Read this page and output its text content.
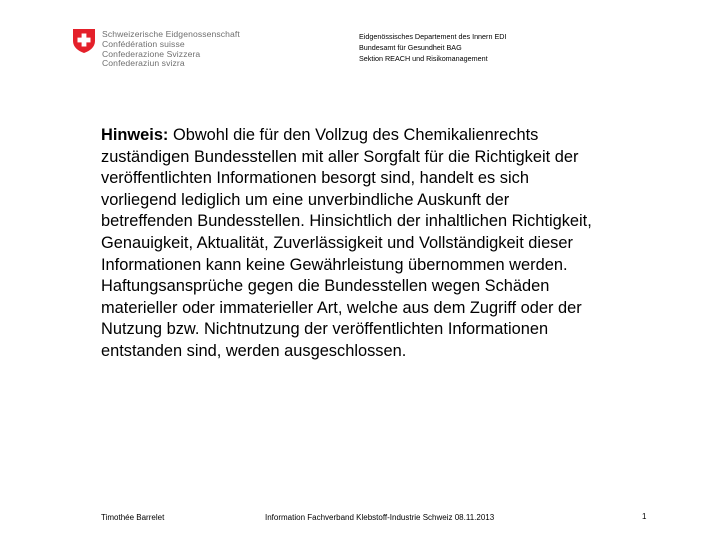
Schweizerische Eidgenossenschaft
Confédération suisse
Confederazione Svizzera
Confederaziun svizra
Eidgenössisches Departement des Innern EDI
Bundesamt für Gesundheit BAG
Sektion REACH und Risikomanagement
Hinweis: Obwohl die für den Vollzug des Chemikalienrechts zuständigen Bundesstellen mit aller Sorgfalt für die Richtigkeit der veröffentlichten Informationen besorgt sind, handelt es sich vorliegend lediglich um eine unverbindliche Auskunft der betreffenden Bundesstellen. Hinsichtlich der inhaltlichen Richtigkeit, Genauigkeit, Aktualität, Zuverlässigkeit und Vollständigkeit dieser Informationen kann keine Gewährleistung übernommen werden. Haftungsansprüche gegen die Bundesstellen wegen Schäden materieller oder immaterieller Art, welche aus dem Zugriff oder der Nutzung bzw. Nichtnutzung der veröffentlichten Informationen entstanden sind, werden ausgeschlossen.
Timothée Barrelet	Information Fachverband Klebstoff-Industrie Schweiz 08.11.2013	1
